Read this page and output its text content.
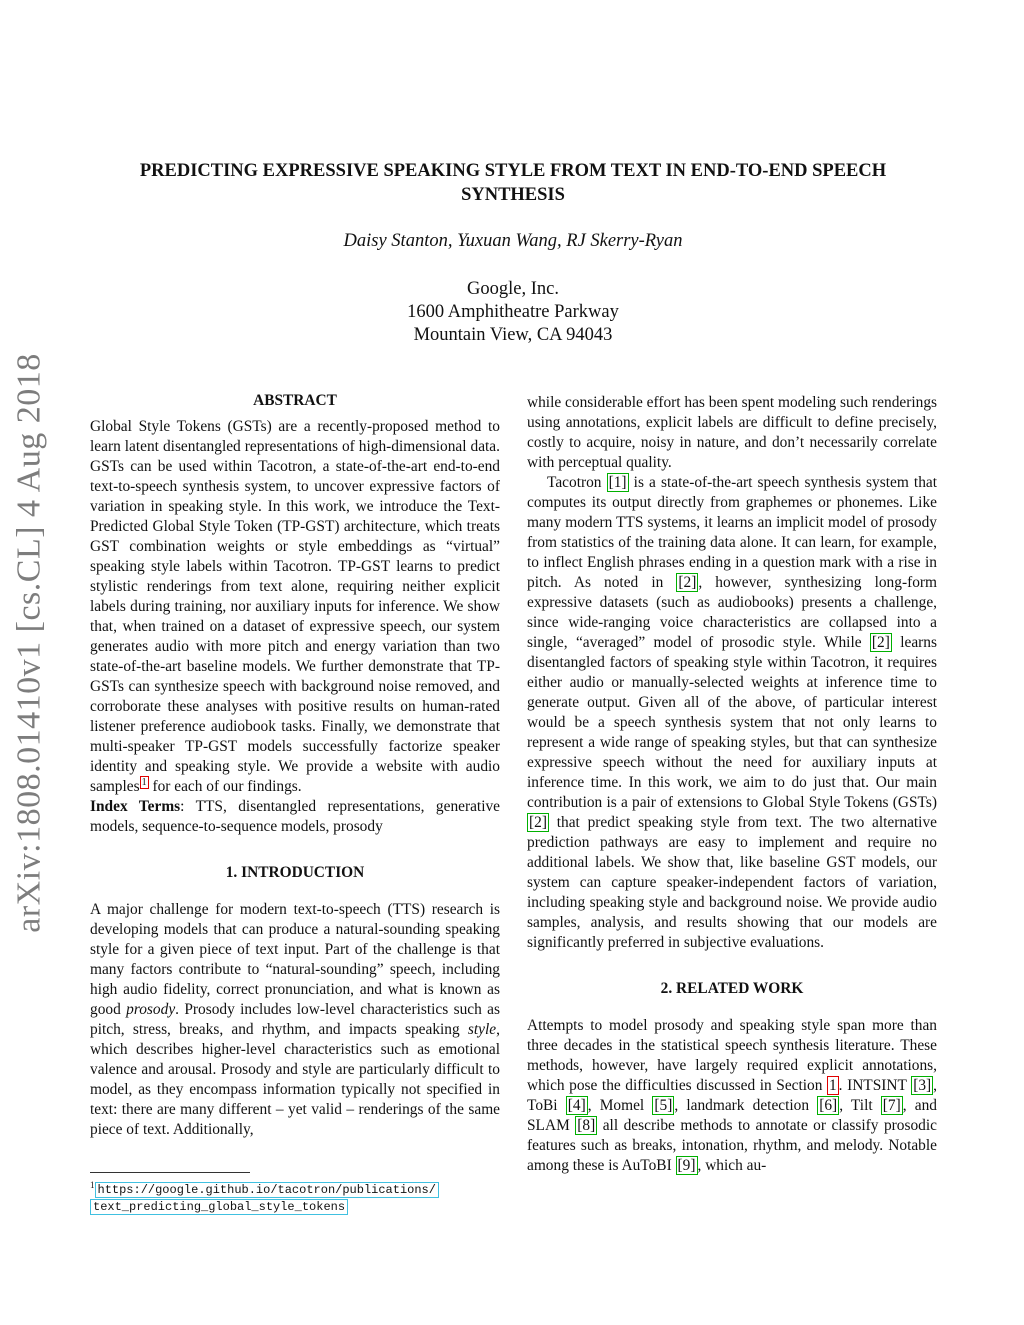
arXiv:1808.01410v1 [cs.CL] 4 Aug 2018
PREDICTING EXPRESSIVE SPEAKING STYLE FROM TEXT IN END-TO-END SPEECH SYNTHESIS

Daisy Stanton, Yuxuan Wang, RJ Skerry-Ryan

Google, Inc.
1600 Amphitheatre Parkway
Mountain View, CA 94043
ABSTRACT

Global Style Tokens (GSTs) are a recently-proposed method to learn latent disentangled representations of high-dimensional data. GSTs can be used within Tacotron, a state-of-the-art end-to-end text-to-speech synthesis system, to uncover expressive factors of variation in speaking style. In this work, we introduce the Text-Predicted Global Style Token (TP-GST) architecture, which treats GST combination weights or style embeddings as “virtual” speaking style labels within Tacotron. TP-GST learns to predict stylistic renderings from text alone, requiring neither explicit labels during training, nor auxiliary inputs for inference. We show that, when trained on a dataset of expressive speech, our system generates audio with more pitch and energy variation than two state-of-the-art baseline models. We further demonstrate that TP-GSTs can synthesize speech with background noise removed, and corroborate these analyses with positive results on human-rated listener preference audiobook tasks. Finally, we demonstrate that multi-speaker TP-GST models successfully factorize speaker identity and speaking style. We provide a website with audio samples $^1$ for each of our findings.

Index Terms: TTS, disentangled representations, generative models, sequence-to-sequence models, prosody

1. INTRODUCTION

A major challenge for modern text-to-speech (TTS) research is developing models that can produce a natural-sounding speaking style for a given piece of text input. Part of the challenge is that many factors contribute to “natural-sounding” speech, including high audio fidelity, correct pronunciation, and what is known as good prosody. Prosody includes low-level characteristics such as pitch, stress, breaks, and rhythm, and impacts speaking style, which describes higher-level characteristics such as emotional valence and arousal. Prosody and style are particularly difficult to model, as they encompass information typically not specified in text: there are many different – yet valid – renderings of the same piece of text. Additionally,

while considerable effort has been spent modeling such renderings using annotations, explicit labels are difficult to define precisely, costly to acquire, noisy in nature, and don’t necessarily correlate with perceptual quality.

Tacotron [1] is a state-of-the-art speech synthesis system that computes its output directly from graphemes or phonemes. Like many modern TTS systems, it learns an implicit model of prosody from statistics of the training data alone. It can learn, for example, to inflect English phrases ending in a question mark with a rise in pitch. As noted in [2] , however, synthesizing long-form expressive datasets (such as audiobooks) presents a challenge, since wide-ranging voice characteristics are collapsed into a single, “averaged” model of prosodic style. While [2] learns disentangled factors of speaking style within Tacotron, it requires either audio or manually-selected weights at inference time to generate output. Given all of the above, of particular interest would be a speech synthesis system that not only learns to represent a wide range of speaking styles, but that can synthesize expressive speech without the need for auxiliary inputs at inference time. In this work, we aim to do just that. Our main contribution is a pair of extensions to Global Style Tokens (GSTs) [2] that predict speaking style from text. The two alternative prediction pathways are easy to implement and require no additional labels. We show that, like baseline GST models, our system can capture speaker-independent factors of variation, including speaking style and background noise. We provide audio samples, analysis, and results showing that our models are significantly preferred in subjective evaluations.

2. RELATED WORK

Attempts to model prosody and speaking style span more than three decades in the statistical speech synthesis literature. These methods, however, have largely required explicit annotations, which pose the difficulties discussed in Section 1 . INTSINT [3] , ToBi [4] , Momel [5] , landmark detection [6] , Tilt [7] , and SLAM [8] all describe methods to annotate or classify prosodic features such as breaks, intonation, rhythm, and melody. Notable among these is AuToBI [9] , which au-

$^1$ https://google.github.io/tacotron/publications/
text_predicting_global_style_tokens
